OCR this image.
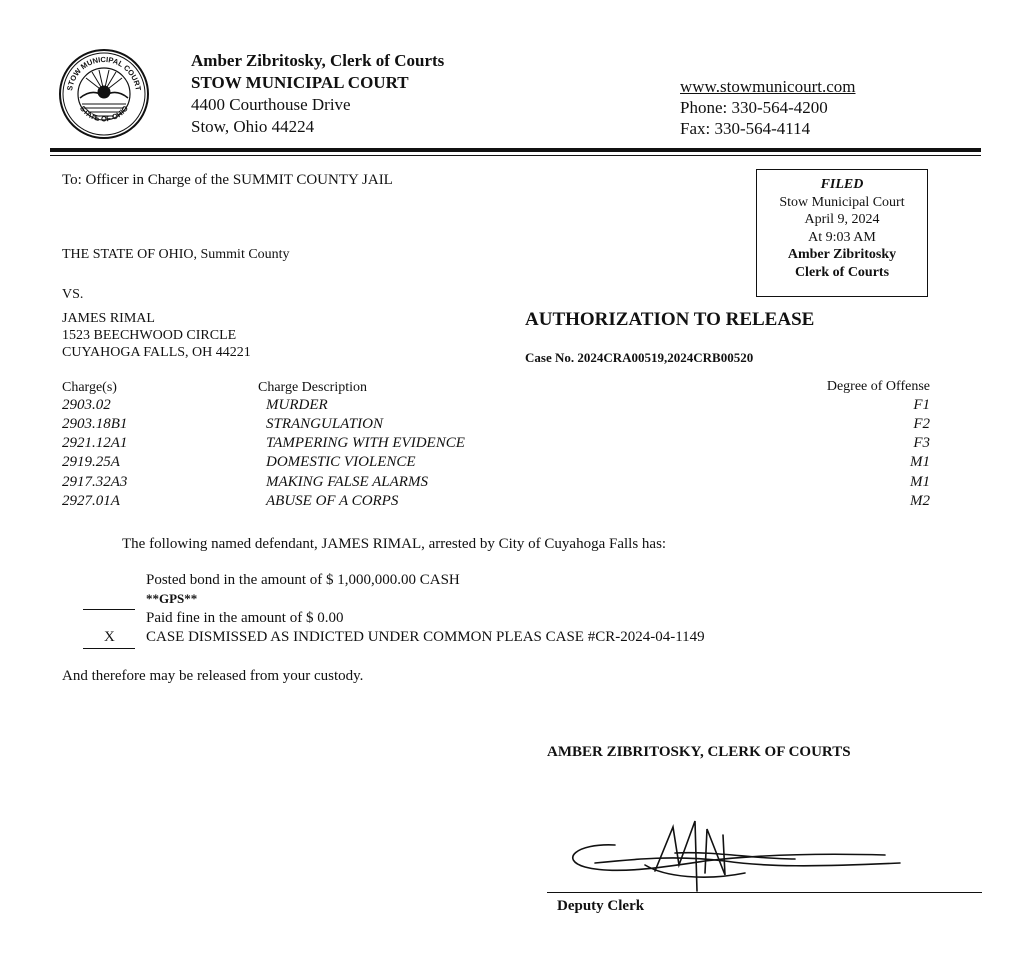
STOW MUNICIPAL COURT
STATE OF OHIO
Amber Zibritosky, Clerk of Courts
STOW MUNICIPAL COURT
4400 Courthouse Drive
Stow, Ohio 44224
www.stowmunicourt.com
Phone: 330-564-4200
Fax: 330-564-4114
To: Officer in Charge of the SUMMIT COUNTY JAIL	FILED
Stow Municipal Court
April 9, 2024
At 9:03 AM
Amber Zibritosky
Clerk of Courts
THE STATE OF OHIO, Summit County
VS.
JAMES RIMAL
1523 BEECHWOOD CIRCLE
CUYAHOGA FALLS, OH 44221
AUTHORIZATION TO RELEASE
Case No. 2024CRA00519,2024CRB00520
Charge(s)	Charge Description	Degree of Offense
2903.02	MURDER	F1
2903.18B1	STRANGULATION	F2
2921.12A1	TAMPERING WITH EVIDENCE	F3
2919.25A	DOMESTIC VIOLENCE	M1
2917.32A3	MAKING FALSE ALARMS	M1
2927.01A	ABUSE OF A CORPS	M2
The following named defendant, JAMES RIMAL, arrested by City of Cuyahoga Falls has:
Posted bond in the amount of $ 1,000,000.00 CASH
**GPS**
Paid fine in the amount of $ 0.00
X CASE DISMISSED AS INDICTED UNDER COMMON PLEAS CASE #CR-2024-04-1149
And therefore may be released from your custody.
AMBER ZIBRITOSKY, CLERK OF COURTS
Deputy Clerk
